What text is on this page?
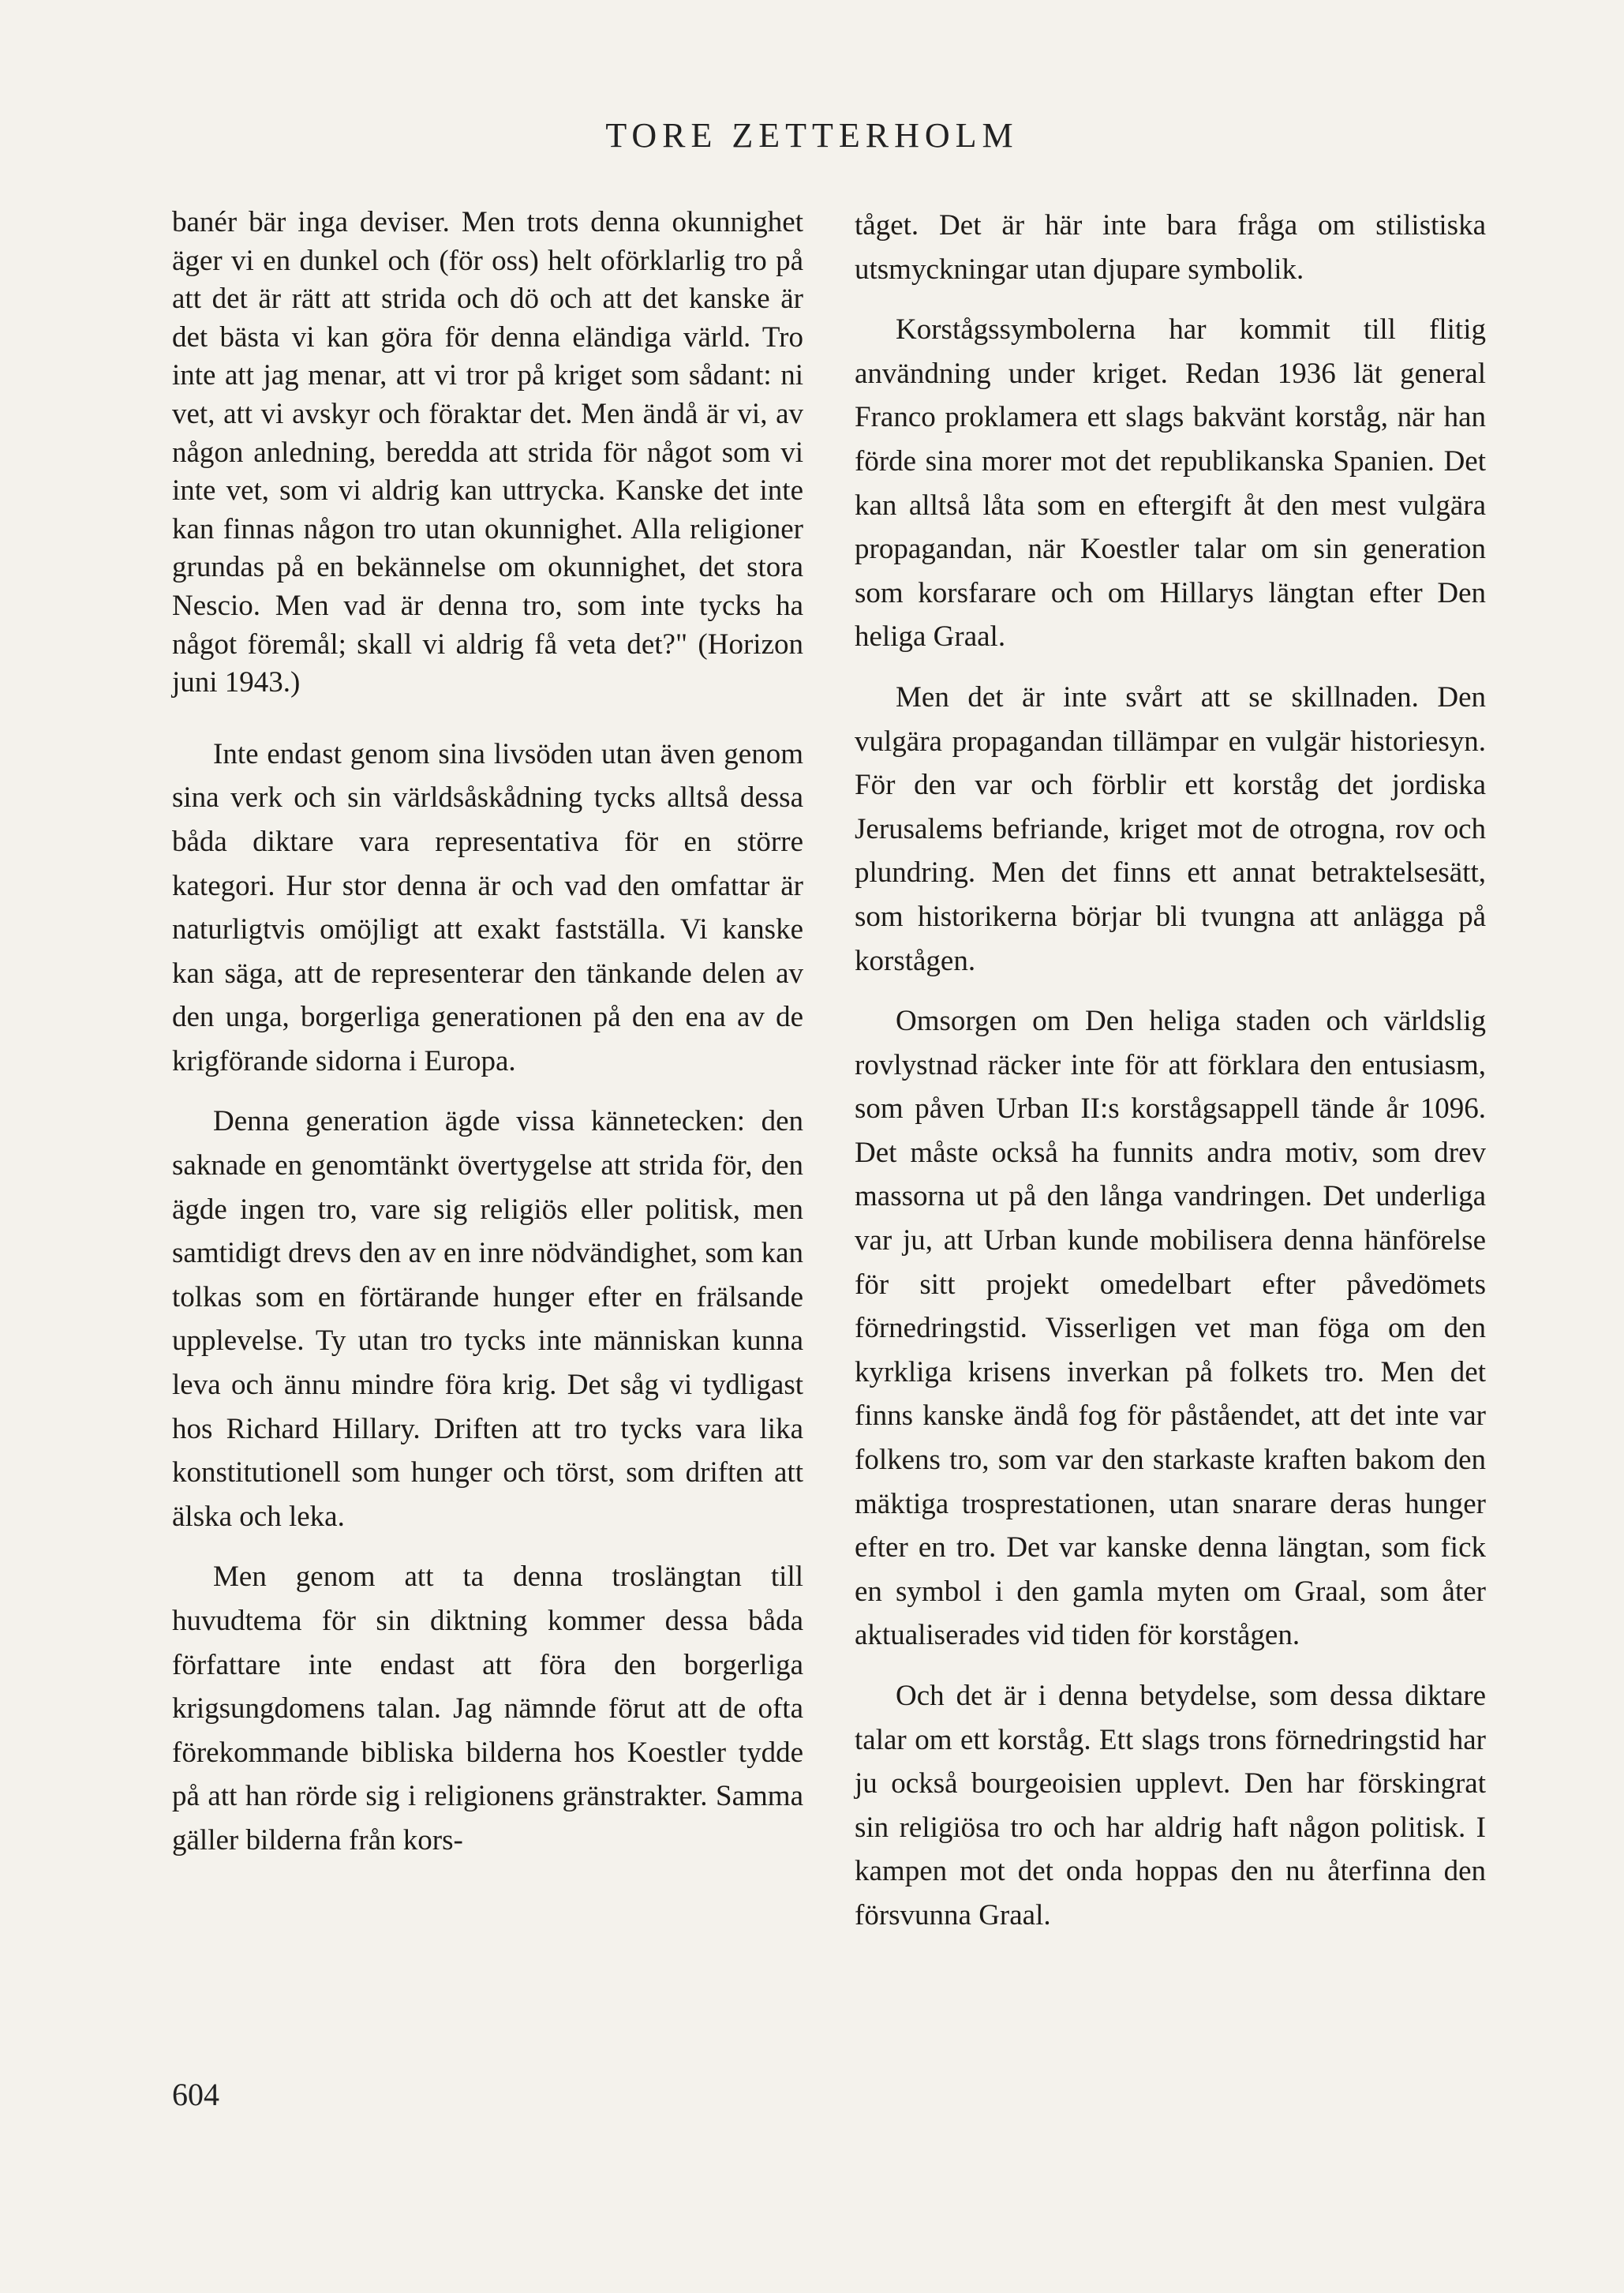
TORE ZETTERHOLM

banér bär inga deviser. Men trots denna okunnighet äger vi en dunkel och (för oss) helt oförklarlig tro på att det är rätt att strida och dö och att det kanske är det bästa vi kan göra för denna eländiga värld. Tro inte att jag menar, att vi tror på kriget som sådant: ni vet, att vi avskyr och föraktar det. Men ändå är vi, av någon anledning, beredda att strida för något som vi inte vet, som vi aldrig kan uttrycka. Kanske det inte kan finnas någon tro utan okunnighet. Alla religioner grundas på en bekännelse om okunnighet, det stora Nescio. Men vad är denna tro, som inte tycks ha något föremål; skall vi aldrig få veta det?" (Horizon juni 1943.)

Inte endast genom sina livsöden utan även genom sina verk och sin världsåskådning tycks alltså dessa båda diktare vara representativa för en större kategori. Hur stor denna är och vad den omfattar är naturligtvis omöjligt att exakt fastställa. Vi kanske kan säga, att de representerar den tänkande delen av den unga, borgerliga generationen på den ena av de krigförande sidorna i Europa.

Denna generation ägde vissa kännetecken: den saknade en genomtänkt övertygelse att strida för, den ägde ingen tro, vare sig religiös eller politisk, men samtidigt drevs den av en inre nödvändighet, som kan tolkas som en förtärande hunger efter en frälsande upplevelse. Ty utan tro tycks inte människan kunna leva och ännu mindre föra krig. Det såg vi tydligast hos Richard Hillary. Driften att tro tycks vara lika konstitutionell som hunger och törst, som driften att älska och leka.

Men genom att ta denna troslängtan till huvudtema för sin diktning kommer dessa båda författare inte endast att föra den borgerliga krigsungdomens talan. Jag nämnde förut att de ofta förekommande bibliska bilderna hos Koestler tydde på att han rörde sig i religionens gränstrakter. Samma gäller bilderna från kors-

tåget. Det är här inte bara fråga om stilistiska utsmyckningar utan djupare symbolik.

Korstågssymbolerna har kommit till flitig användning under kriget. Redan 1936 lät general Franco proklamera ett slags bakvänt korståg, när han förde sina morer mot det republikanska Spanien. Det kan alltså låta som en eftergift åt den mest vulgära propagandan, när Koestler talar om sin generation som korsfarare och om Hillarys längtan efter Den heliga Graal.

Men det är inte svårt att se skillnaden. Den vulgära propagandan tillämpar en vulgär historiesyn. För den var och förblir ett korståg det jordiska Jerusalems befriande, kriget mot de otrogna, rov och plundring. Men det finns ett annat betraktelsesätt, som historikerna börjar bli tvungna att anlägga på korstågen.

Omsorgen om Den heliga staden och världslig rovlystnad räcker inte för att förklara den entusiasm, som påven Urban II:s korstågsappell tände år 1096. Det måste också ha funnits andra motiv, som drev massorna ut på den långa vandringen. Det underliga var ju, att Urban kunde mobilisera denna hänförelse för sitt projekt omedelbart efter påvedömets förnedringstid. Visserligen vet man föga om den kyrkliga krisens inverkan på folkets tro. Men det finns kanske ändå fog för påståendet, att det inte var folkens tro, som var den starkaste kraften bakom den mäktiga trosprestationen, utan snarare deras hunger efter en tro. Det var kanske denna längtan, som fick en symbol i den gamla myten om Graal, som åter aktualiserades vid tiden för korstågen.

Och det är i denna betydelse, som dessa diktare talar om ett korståg. Ett slags trons förnedringstid har ju också bourgeoisien upplevt. Den har förskingrat sin religiösa tro och har aldrig haft någon politisk. I kampen mot det onda hoppas den nu återfinna den försvunna Graal.

604
